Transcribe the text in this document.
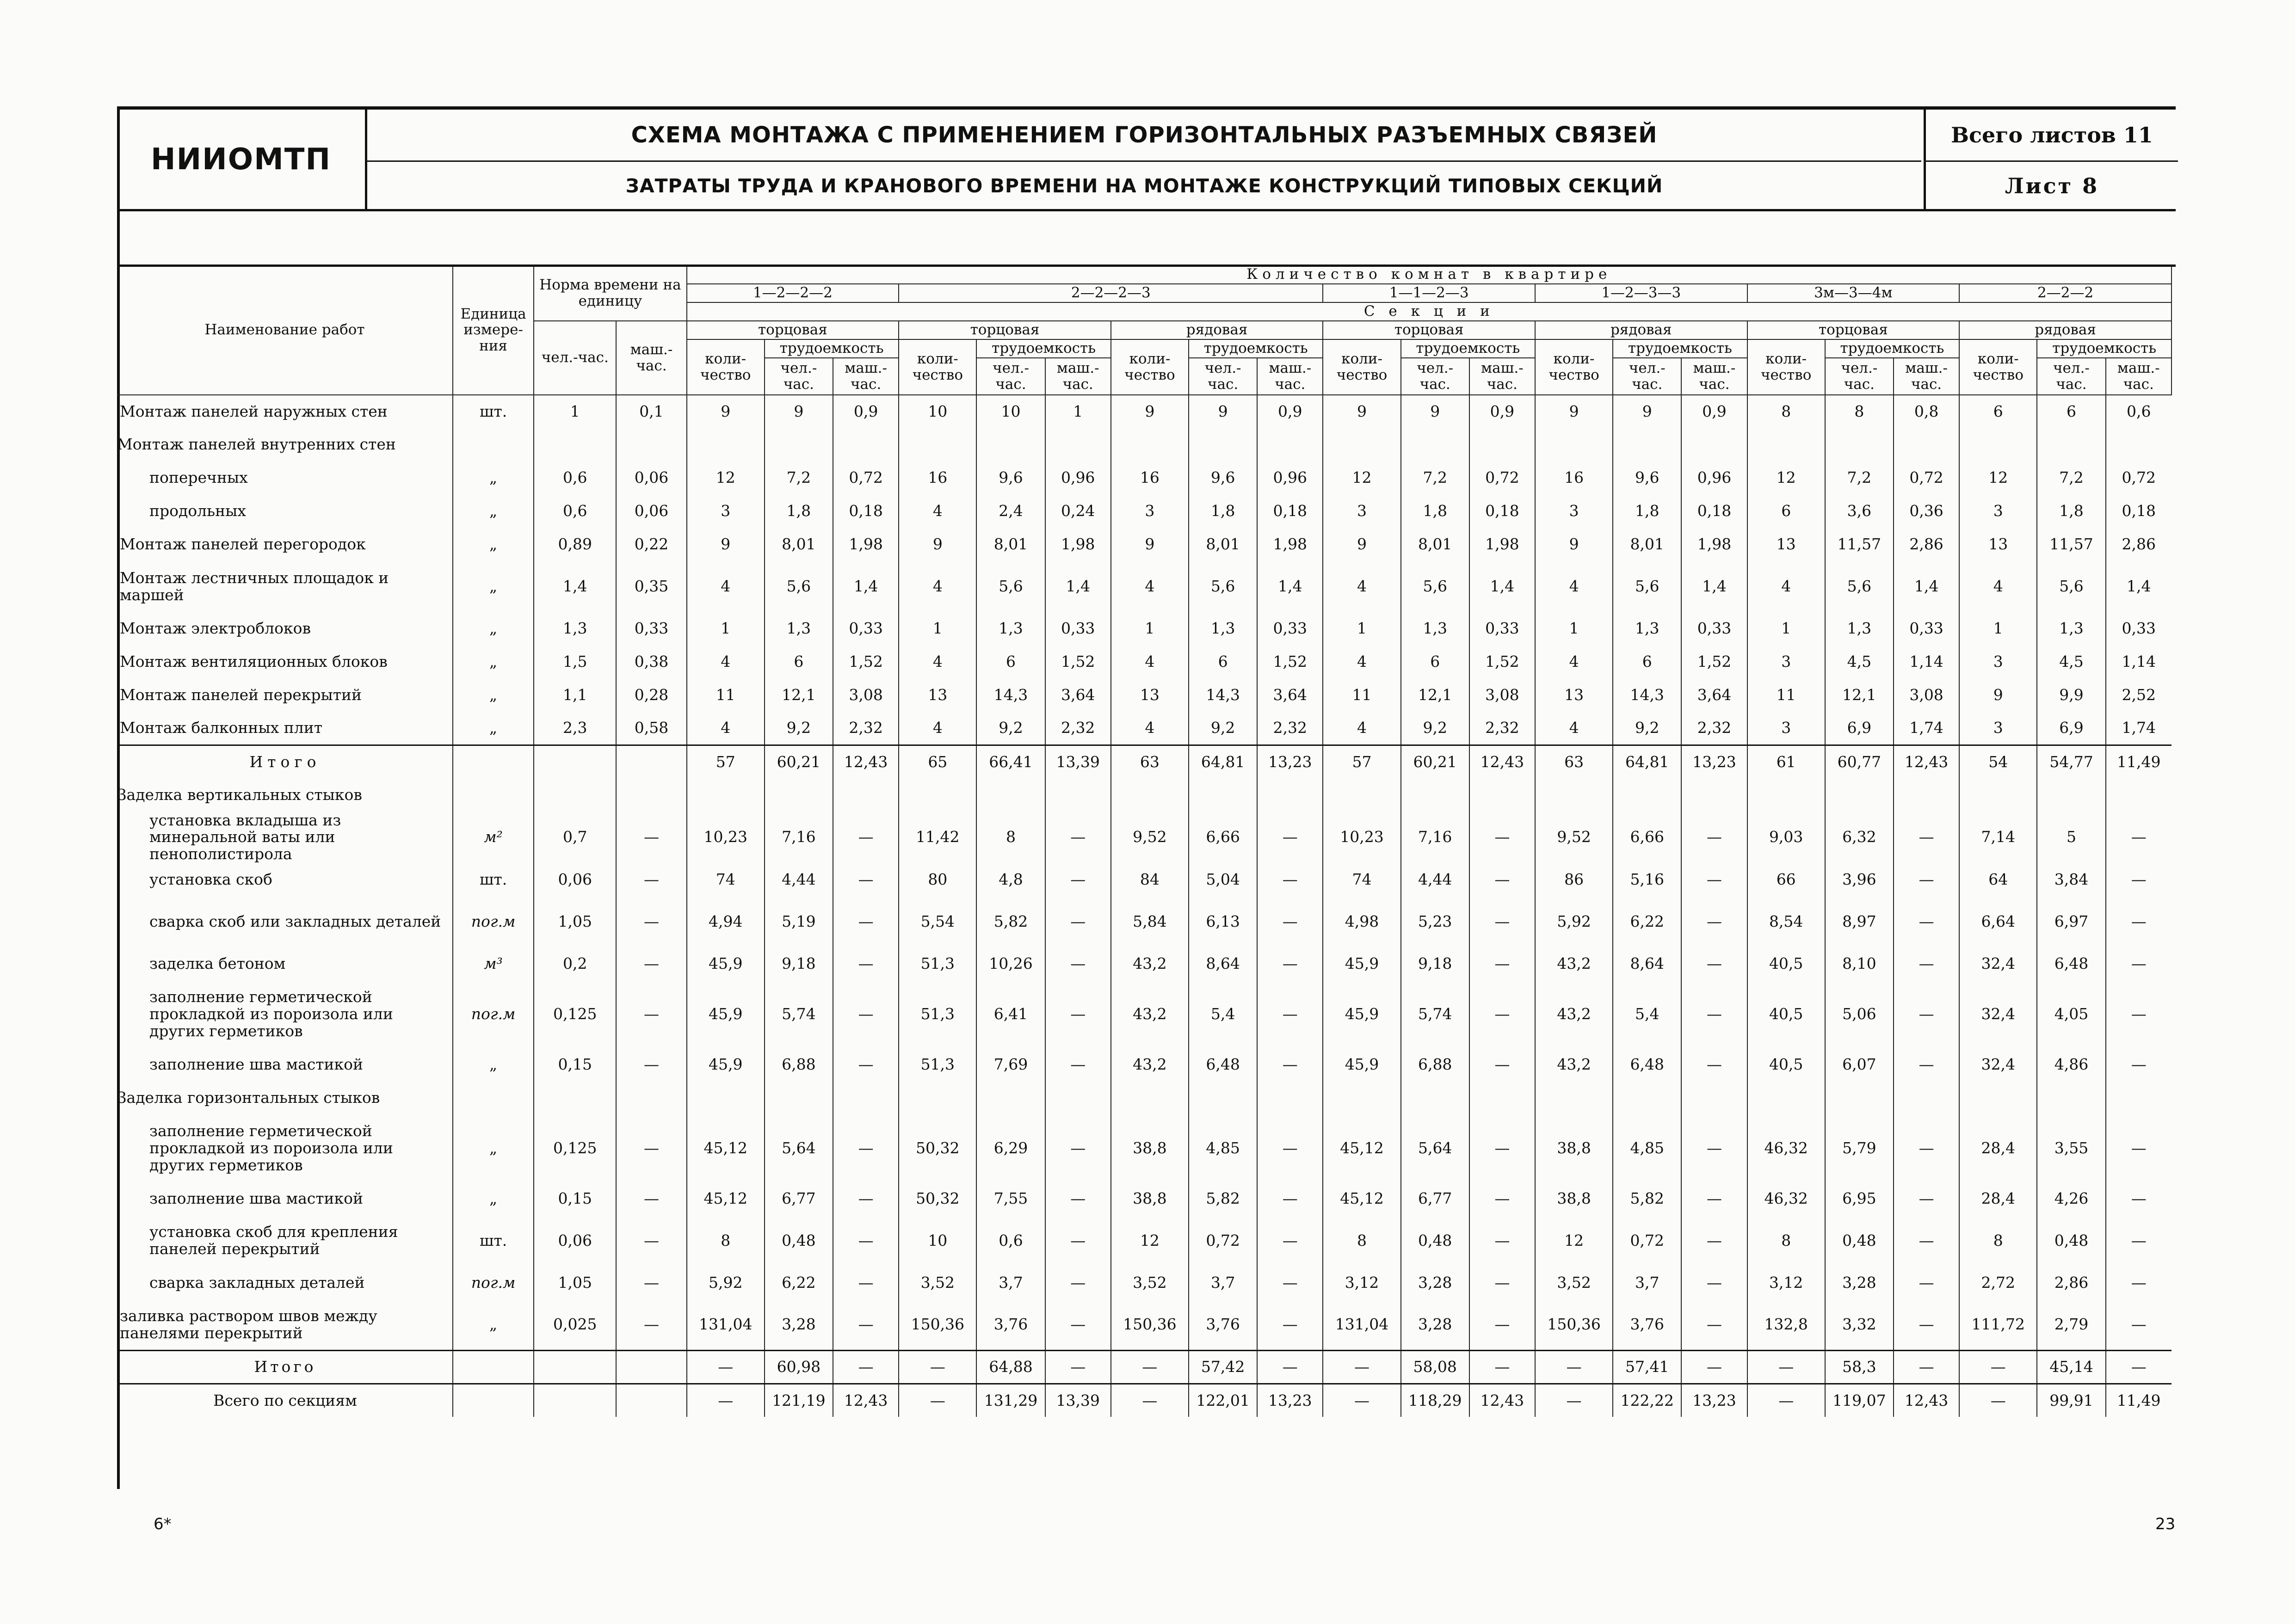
НИИОМТП
СХЕМА МОНТАЖА С ПРИМЕНЕНИЕМ ГОРИЗОНТАЛЬНЫХ РАЗЪЕМНЫХ СВЯЗЕЙ
ЗАТРАТЫ ТРУДА И КРАНОВОГО ВРЕМЕНИ НА МОНТАЖЕ КОНСТРУКЦИЙ ТИПОВЫХ СЕКЦИЙ
Всего листов 11
Лист 8
Наименование работ	Единица измере-ния	Норма времени на единицу		Количество комнат в квартире																				
				1—2—2—2			2—2—2—3						1—1—2—3			1—2—3—3			3м—3—4м			2—2—2		
				С е к ц и и																				
		чел.-час.	маш.-час.	торцовая			торцовая			рядовая			торцовая			рядовая			торцовая			рядовая		
				коли-чество	трудоемкость		коли-чество	трудоемкость		коли-чество	трудоемкость		коли-чество	трудоемкость		коли-чество	трудоемкость		коли-чество	трудоемкость		коли-чество	трудоемкость	
					чел.-час.	маш.-час.		чел.-час.	маш.-час.		чел.-час.	маш.-час.		чел.-час.	маш.-час.		чел.-час.	маш.-час.		чел.-час.	маш.-час.		чел.-час.	маш.-час.
Монтаж панелей наружных стен	шт.	1	0,1	9	9	0,9	10	10	1	9	9	0,9	9	9	0,9	9	9	0,9	8	8	0,8	6	6	0,6
Монтаж панелей внутренних стен																								
поперечных	„	0,6	0,06	12	7,2	0,72	16	9,6	0,96	16	9,6	0,96	12	7,2	0,72	16	9,6	0,96	12	7,2	0,72	12	7,2	0,72
продольных	„	0,6	0,06	3	1,8	0,18	4	2,4	0,24	3	1,8	0,18	3	1,8	0,18	3	1,8	0,18	6	3,6	0,36	3	1,8	0,18
Монтаж панелей перегородок	„	0,89	0,22	9	8,01	1,98	9	8,01	1,98	9	8,01	1,98	9	8,01	1,98	9	8,01	1,98	13	11,57	2,86	13	11,57	2,86
Монтаж лестничных площадок и маршей	„	1,4	0,35	4	5,6	1,4	4	5,6	1,4	4	5,6	1,4	4	5,6	1,4	4	5,6	1,4	4	5,6	1,4	4	5,6	1,4
Монтаж электроблоков	„	1,3	0,33	1	1,3	0,33	1	1,3	0,33	1	1,3	0,33	1	1,3	0,33	1	1,3	0,33	1	1,3	0,33	1	1,3	0,33
Монтаж вентиляционных блоков	„	1,5	0,38	4	6	1,52	4	6	1,52	4	6	1,52	4	6	1,52	4	6	1,52	3	4,5	1,14	3	4,5	1,14
Монтаж панелей перекрытий	„	1,1	0,28	11	12,1	3,08	13	14,3	3,64	13	14,3	3,64	11	12,1	3,08	13	14,3	3,64	11	12,1	3,08	9	9,9	2,52
Монтаж балконных плит	„	2,3	0,58	4	9,2	2,32	4	9,2	2,32	4	9,2	2,32	4	9,2	2,32	4	9,2	2,32	3	6,9	1,74	3	6,9	1,74
Итого				57	60,21	12,43	65	66,41	13,39	63	64,81	13,23	57	60,21	12,43	63	64,81	13,23	61	60,77	12,43	54	54,77	11,49
Заделка вертикальных стыков																								
установка вкладыша из минеральной ваты или пенополистирола	м²	0,7	—	10,23	7,16	—	11,42	8	—	9,52	6,66	—	10,23	7,16	—	9,52	6,66	—	9,03	6,32	—	7,14	5	—
установка скоб	шт.	0,06	—	74	4,44	—	80	4,8	—	84	5,04	—	74	4,44	—	86	5,16	—	66	3,96	—	64	3,84	—
сварка скоб или закладных деталей	пог.м	1,05	—	4,94	5,19	—	5,54	5,82	—	5,84	6,13	—	4,98	5,23	—	5,92	6,22	—	8,54	8,97	—	6,64	6,97	—
заделка бетоном	м³	0,2	—	45,9	9,18	—	51,3	10,26	—	43,2	8,64	—	45,9	9,18	—	43,2	8,64	—	40,5	8,10	—	32,4	6,48	—
заполнение герметической прокладкой из пороизола или других герметиков	пог.м	0,125	—	45,9	5,74	—	51,3	6,41	—	43,2	5,4	—	45,9	5,74	—	43,2	5,4	—	40,5	5,06	—	32,4	4,05	—
заполнение шва мастикой	„	0,15	—	45,9	6,88	—	51,3	7,69	—	43,2	6,48	—	45,9	6,88	—	43,2	6,48	—	40,5	6,07	—	32,4	4,86	—
Заделка горизонтальных стыков																								
заполнение герметической прокладкой из пороизола или других герметиков	„	0,125	—	45,12	5,64	—	50,32	6,29	—	38,8	4,85	—	45,12	5,64	—	38,8	4,85	—	46,32	5,79	—	28,4	3,55	—
заполнение шва мастикой	„	0,15	—	45,12	6,77	—	50,32	7,55	—	38,8	5,82	—	45,12	6,77	—	38,8	5,82	—	46,32	6,95	—	28,4	4,26	—
установка скоб для крепления панелей перекрытий	шт.	0,06	—	8	0,48	—	10	0,6	—	12	0,72	—	8	0,48	—	12	0,72	—	8	0,48	—	8	0,48	—
сварка закладных деталей	пог.м	1,05	—	5,92	6,22	—	3,52	3,7	—	3,52	3,7	—	3,12	3,28	—	3,52	3,7	—	3,12	3,28	—	2,72	2,86	—
заливка раствором швов между панелями перекрытий	„	0,025	—	131,04	3,28	—	150,36	3,76	—	150,36	3,76	—	131,04	3,28	—	150,36	3,76	—	132,8	3,32	—	111,72	2,79	—
Итого				—	60,98	—	—	64,88	—	—	57,42	—	—	58,08	—	—	57,41	—	—	58,3	—	—	45,14	—
Всего по секциям				—	121,19	12,43	—	131,29	13,39	—	122,01	13,23	—	118,29	12,43	—	122,22	13,23	—	119,07	12,43	—	99,91	11,49
6*	23
